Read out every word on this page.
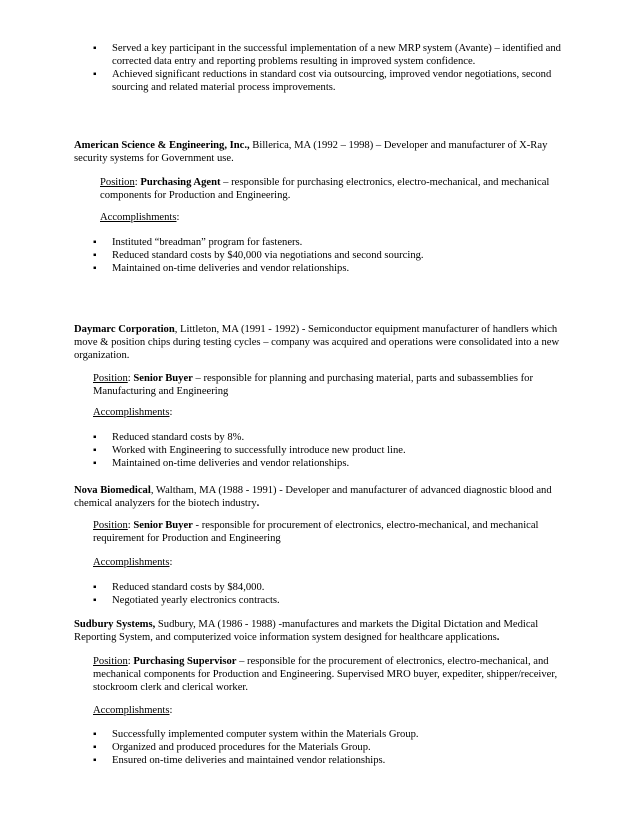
▪ Served a key participant in the successful implementation of a new MRP system (Avante) – identified and corrected data entry and reporting problems resulting in improved system confidence.
▪ Achieved significant reductions in standard cost via outsourcing, improved vendor negotiations, second sourcing and related material process improvements.
American Science & Engineering, Inc., Billerica, MA (1992 – 1998) – Developer and manufacturer of X-Ray security systems for Government use.
Position: Purchasing Agent – responsible for purchasing electronics, electro-mechanical, and mechanical components for Production and Engineering.
Accomplishments:
▪ Instituted “breadman” program for fasteners.
▪ Reduced standard costs by $40,000 via negotiations and second sourcing.
▪ Maintained on-time deliveries and vendor relationships.
Daymarc Corporation, Littleton, MA (1991 - 1992) - Semiconductor equipment manufacturer of handlers which move & position chips during testing cycles – company was acquired and operations were consolidated into a new organization.
Position: Senior Buyer – responsible for planning and purchasing material, parts and subassemblies for Manufacturing and Engineering
Accomplishments:
▪ Reduced standard costs by 8%.
▪ Worked with Engineering to successfully introduce new product line.
▪ Maintained on-time deliveries and vendor relationships.
Nova Biomedical, Waltham, MA (1988 - 1991) - Developer and manufacturer of advanced diagnostic blood and chemical analyzers for the biotech industry.
Position: Senior Buyer - responsible for procurement of electronics, electro-mechanical, and mechanical requirement for Production and Engineering
Accomplishments:
▪ Reduced standard costs by $84,000.
▪ Negotiated yearly electronics contracts.
Sudbury Systems, Sudbury, MA (1986 - 1988) -manufactures and markets the Digital Dictation and Medical Reporting System, and computerized voice information system designed for healthcare applications.
Position: Purchasing Supervisor – responsible for the procurement of electronics, electro-mechanical, and mechanical components for Production and Engineering. Supervised MRO buyer, expediter, shipper/receiver, stockroom clerk and clerical worker.
Accomplishments:
▪ Successfully implemented computer system within the Materials Group.
▪ Organized and produced procedures for the Materials Group.
▪ Ensured on-time deliveries and maintained vendor relationships.
